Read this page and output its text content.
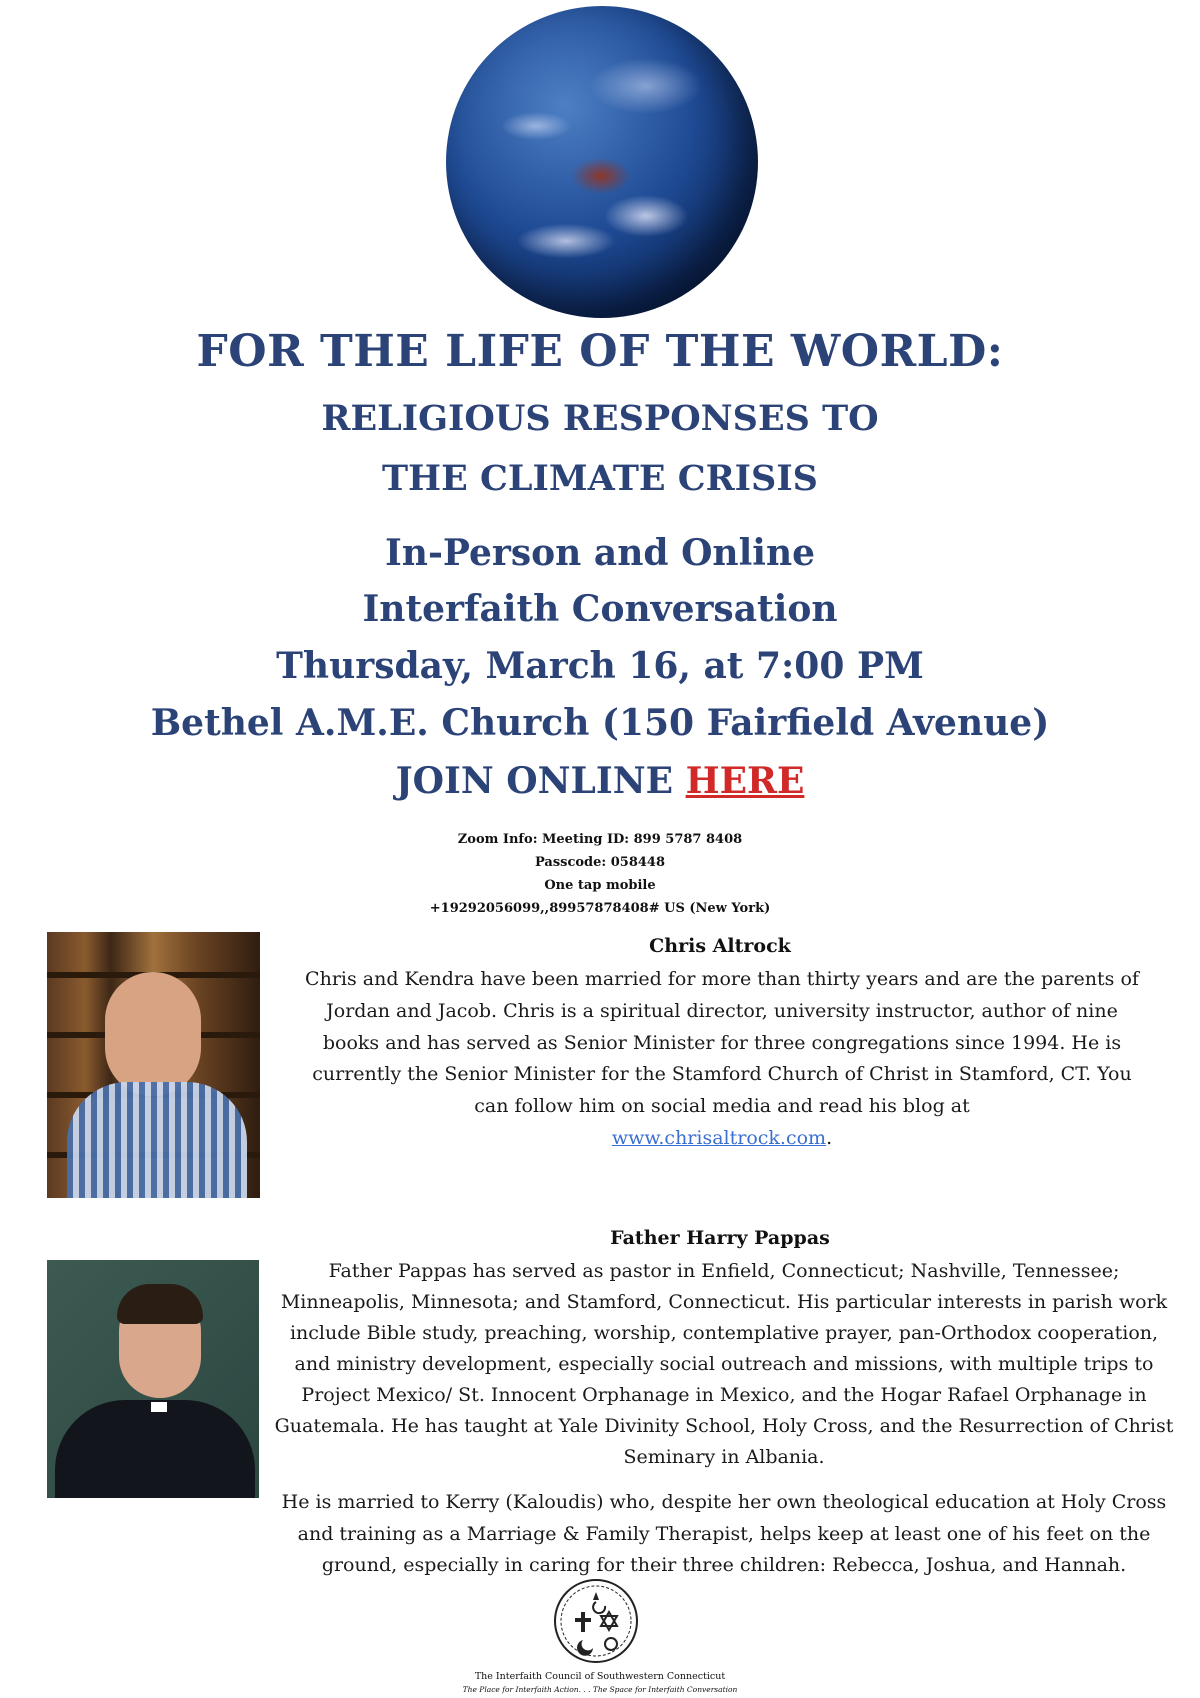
FOR THE LIFE OF THE WORLD:
RELIGIOUS RESPONSES TO
THE CLIMATE CRISIS
In-Person and Online
Interfaith Conversation
Thursday, March 16, at 7:00 PM
Bethel A.M.E. Church (150 Fairfield Avenue)
JOIN ONLINE HERE
Zoom Info: Meeting ID: 899 5787 8408
Passcode: 058448
One tap mobile
+19292056099,,89957878408# US (New York)
Chris Altrock
Chris and Kendra have been married for more than thirty years and are the parents of Jordan and Jacob. Chris is a spiritual director, university instructor, author of nine books and has served as Senior Minister for three congregations since 1994. He is currently the Senior Minister for the Stamford Church of Christ in Stamford, CT. You can follow him on social media and read his blog at
www.chrisaltrock.com.
Father Harry Pappas
Father Pappas has served as pastor in Enfield, Connecticut; Nashville, Tennessee; Minneapolis, Minnesota; and Stamford, Connecticut. His particular interests in parish work include Bible study, preaching, worship, contemplative prayer, pan-Orthodox cooperation, and ministry development, especially social outreach and missions, with multiple trips to Project Mexico/ St. Innocent Orphanage in Mexico, and the Hogar Rafael Orphanage in Guatemala. He has taught at Yale Divinity School, Holy Cross, and the Resurrection of Christ Seminary in Albania.
He is married to Kerry (Kaloudis) who, despite her own theological education at Holy Cross and training as a Marriage & Family Therapist, helps keep at least one of his feet on the ground, especially in caring for their three children: Rebecca, Joshua, and Hannah.
The Interfaith Council of Southwestern Connecticut
The Place for Interfaith Action. . . The Space for Interfaith Conversation
